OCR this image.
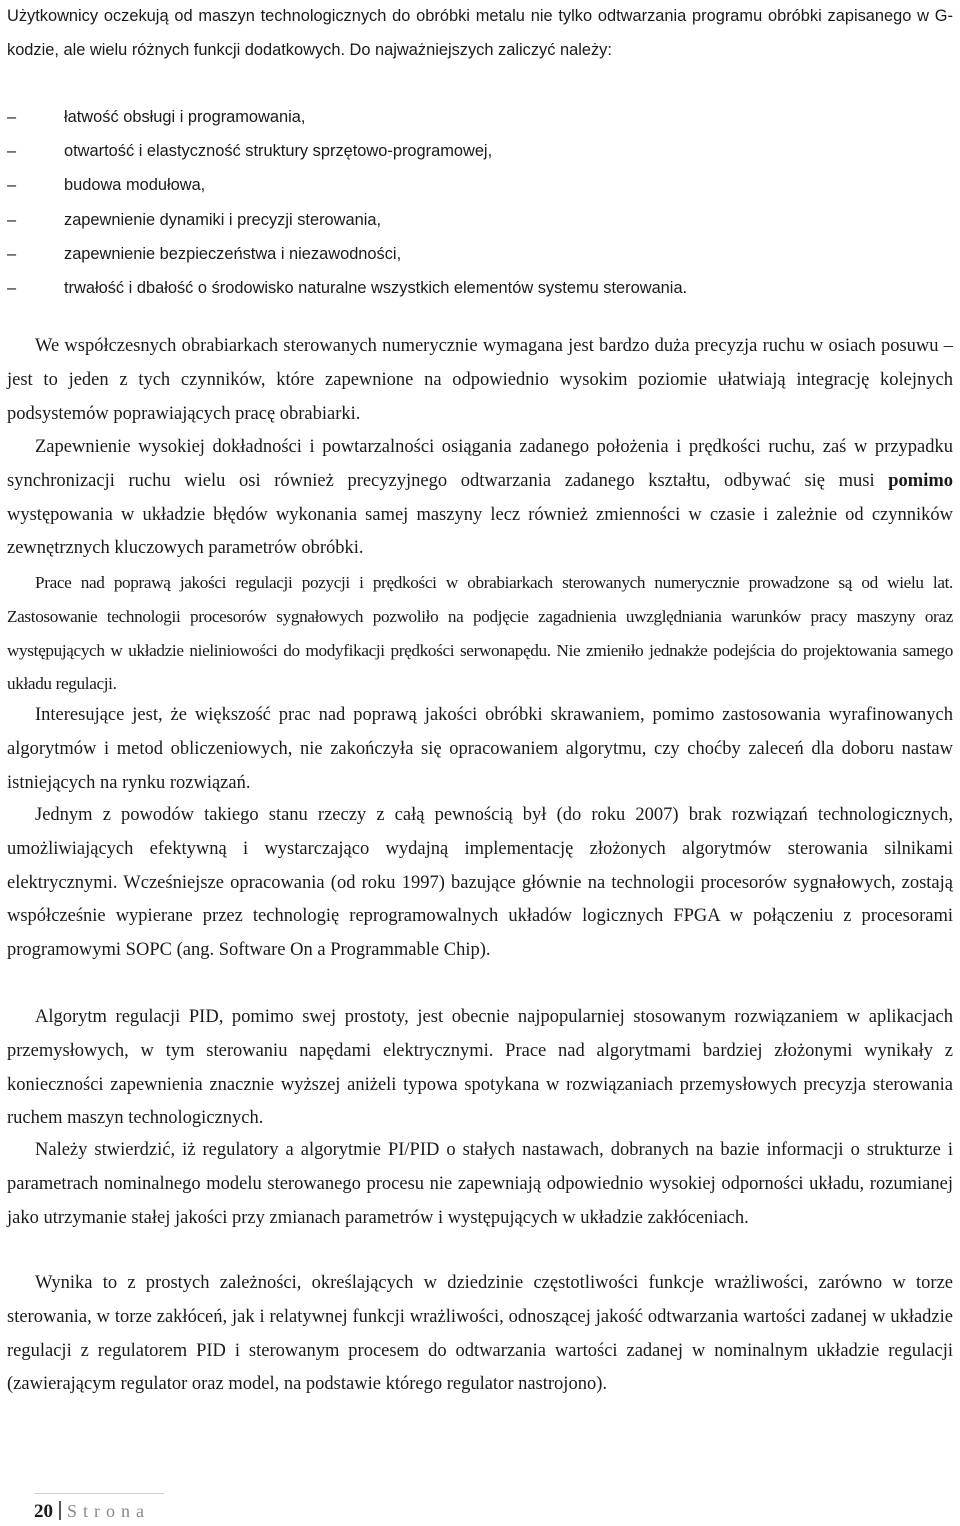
Użytkownicy oczekują od maszyn technologicznych do obróbki metalu nie tylko odtwarzania programu obróbki zapisanego w G-kodzie, ale wielu różnych funkcji dodatkowych. Do najważniejszych zaliczyć należy:

–	łatwość obsługi i programowania,
–	otwartość i elastyczność struktury sprzętowo-programowej,
–	budowa modułowa,
–	zapewnienie dynamiki i precyzji sterowania,
–	zapewnienie bezpieczeństwa i niezawodności,
–	trwałość i dbałość o środowisko naturalne wszystkich elementów systemu sterowania.

We współczesnych obrabiarkach sterowanych numerycznie wymagana jest bardzo duża precyzja ruchu w osiach posuwu – jest to jeden z tych czynników, które zapewnione na odpowiednio wysokim poziomie ułatwiają integrację kolejnych podsystemów poprawiających pracę obrabiarki.

Zapewnienie wysokiej dokładności i powtarzalności osiągania zadanego położenia i prędkości ruchu, zaś w przypadku synchronizacji ruchu wielu osi również precyzyjnego odtwarzania zadanego kształtu, odbywać się musi pomimo występowania w układzie błędów wykonania samej maszyny lecz również zmienności w czasie i zależnie od czynników zewnętrznych kluczowych parametrów obróbki.

Prace nad poprawą jakości regulacji pozycji i prędkości w obrabiarkach sterowanych numerycznie prowadzone są od wielu lat. Zastosowanie technologii procesorów sygnałowych pozwoliło na podjęcie zagadnienia uwzględniania warunków pracy maszyny oraz występujących w układzie nieliniowości do modyfikacji prędkości serwonapędu. Nie zmieniło jednakże podejścia do projektowania samego układu regulacji.

Interesujące jest, że większość prac nad poprawą jakości obróbki skrawaniem, pomimo zastosowania wyrafinowanych algorytmów i metod obliczeniowych, nie zakończyła się opracowaniem algorytmu, czy choćby zaleceń dla doboru nastaw istniejących na rynku rozwiązań.

Jednym z powodów takiego stanu rzeczy z całą pewnością był (do roku 2007) brak rozwiązań technologicznych, umożliwiających efektywną i wystarczająco wydajną implementację złożonych algorytmów sterowania silnikami elektrycznymi. Wcześniejsze opracowania (od roku 1997) bazujące głównie na technologii procesorów sygnałowych, zostają współcześnie wypierane przez technologię reprogramowalnych układów logicznych FPGA w połączeniu z procesorami programowymi SOPC (ang. Software On a Programmable Chip).

Algorytm regulacji PID, pomimo swej prostoty, jest obecnie najpopularniej stosowanym rozwiązaniem w aplikacjach przemysłowych, w tym sterowaniu napędami elektrycznymi. Prace nad algorytmami bardziej złożonymi wynikały z konieczności zapewnienia znacznie wyższej aniżeli typowa spotykana w rozwiązaniach przemysłowych precyzja sterowania ruchem maszyn technologicznych.

Należy stwierdzić, iż regulatory a algorytmie PI/PID o stałych nastawach, dobranych na bazie informacji o strukturze i parametrach nominalnego modelu sterowanego procesu nie zapewniają odpowiednio wysokiej odporności układu, rozumianej jako utrzymanie stałej jakości przy zmianach parametrów i występujących w układzie zakłóceniach.

Wynika to z prostych zależności, określających w dziedzinie częstotliwości funkcje wrażliwości, zarówno w torze sterowania, w torze zakłóceń, jak i relatywnej funkcji wrażliwości, odnoszącej jakość odtwarzania wartości zadanej w układzie regulacji z regulatorem PID i sterowanym procesem do odtwarzania wartości zadanej w nominalnym układzie regulacji (zawierającym regulator oraz model, na podstawie którego regulator nastrojono).

20 Strona
